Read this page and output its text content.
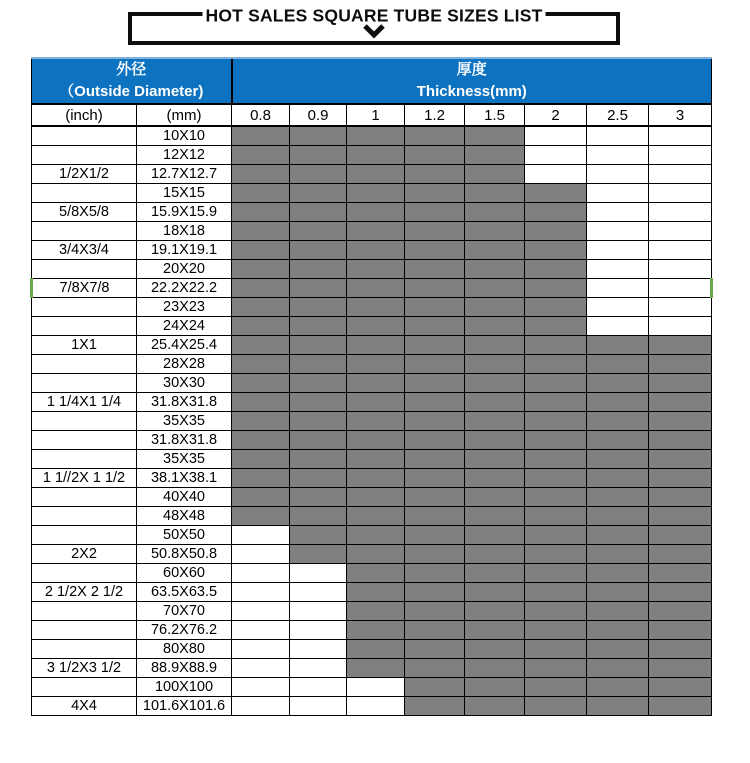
HOT SALES SQUARE TUBE SIZES LIST
外径
（Outside Diameter)

厚度
Thickness(mm)

(inch)	(mm)	0.8	0.9	1	1.2	1.5	2	2.5	3
	10X10								
	12X12								
1/2X1/2	12.7X12.7								
	15X15								
5/8X5/8	15.9X15.9								
	18X18								
3/4X3/4	19.1X19.1								
	20X20								
7/8X7/8	22.2X22.2								
	23X23								
	24X24								
1X1	25.4X25.4								
	28X28								
	30X30								
1 1/4X1 1/4	31.8X31.8								
	35X35								
	31.8X31.8								
	35X35								
1 1//2X 1 1/2	38.1X38.1								
	40X40								
	48X48								
	50X50								
2X2	50.8X50.8								
	60X60								
2 1/2X 2 1/2	63.5X63.5								
	70X70								
	76.2X76.2								
	80X80								
3 1/2X3 1/2	88.9X88.9								
	100X100								
4X4	101.6X101.6								
